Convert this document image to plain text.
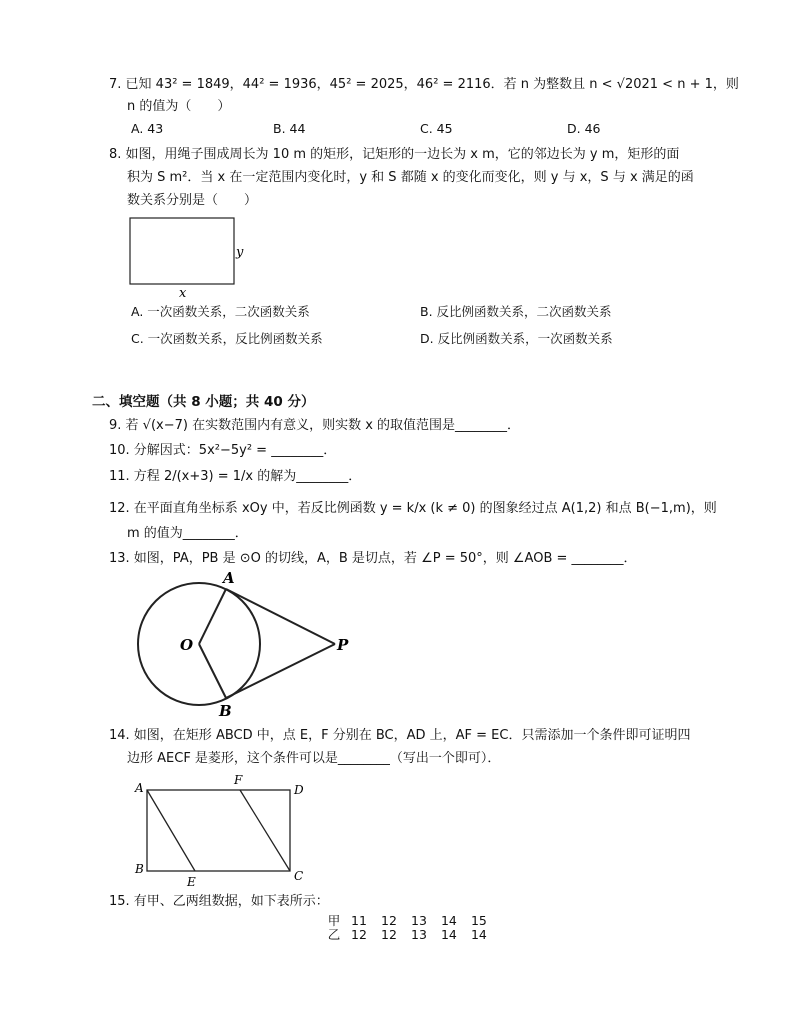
7. 已知 43² = 1849，44² = 1936，45² = 2025，46² = 2116．若 n 为整数且 n < √2021 < n + 1，则
n 的值为（　　）
A. 43	B. 44	C. 45	D. 46
8. 如图，用绳子围成周长为 10 m 的矩形，记矩形的一边长为 x m，它的邻边长为 y m，矩形的面
积为 S m²．当 x 在一定范围内变化时，y 和 S 都随 x 的变化而变化，则 y 与 x，S 与 x 满足的函
数关系分别是（　　）
y
x
A. 一次函数关系，二次函数关系	B. 反比例函数关系，二次函数关系
C. 一次函数关系，反比例函数关系	D. 反比例函数关系，一次函数关系
二、填空题（共 8 小题；共 40 分）
9. 若 √(x−7) 在实数范围内有意义，则实数 x 的取值范围是________．
10. 分解因式：5x²−5y² = ________．
11. 方程 2/(x+3) = 1/x 的解为________．
12. 在平面直角坐标系 xOy 中，若反比例函数 y = k/x (k ≠ 0) 的图象经过点 A(1,2) 和点 B(−1,m)，则
m 的值为________．
13. 如图，PA，PB 是 ⊙O 的切线，A，B 是切点，若 ∠P = 50°，则 ∠AOB = ________．
A
B
O	P
14. 如图，在矩形 ABCD 中，点 E，F 分别在 BC，AD 上，AF = EC．只需添加一个条件即可证明四
边形 AECF 是菱形，这个条件可以是________（写出一个即可）．
A
F
D
B
E	C
15. 有甲、乙两组数据，如下表所示：
甲 11 12 13 14 15
乙 12 12 13 14 14
